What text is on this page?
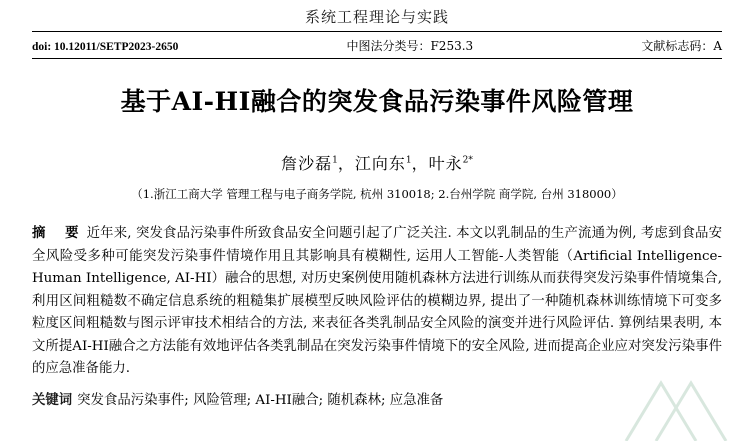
系统工程理论与实践
doi: 10.12011/SETP2023-2650	中图法分类号：F253.3	文献标志码：A
基于AI-HI融合的突发食品污染事件风险管理
詹沙磊$^1$，江向东$^1$，叶永$^{2*}$
（1.浙江工商大学 管理工程与电子商务学院, 杭州 310018; 2.台州学院 商学院, 台州 318000）
摘　要 近年来, 突发食品污染事件所致食品安全问题引起了广泛关注. 本文以乳制品的生产流通为例, 考虑到食品安全风险受多种可能突发污染事件情境作用且其影响具有模糊性, 运用人工智能-人类智能（Artificial Intelligence-Human Intelligence, AI-HI）融合的思想, 对历史案例使用随机森林方法进行训练从而获得突发污染事件情境集合, 利用区间粗糙数不确定信息系统的粗糙集扩展模型反映风险评估的模糊边界, 提出了一种随机森林训练情境下可变多粒度区间粗糙数与图示评审技术相结合的方法, 来表征各类乳制品安全风险的演变并进行风险评估. 算例结果表明, 本文所提AI-HI融合之方法能有效地评估各类乳制品在突发污染事件情境下的安全风险, 进而提高企业应对突发污染事件的应急准备能力.
关键词 突发食品污染事件; 风险管理; AI-HI融合; 随机森林; 应急准备
